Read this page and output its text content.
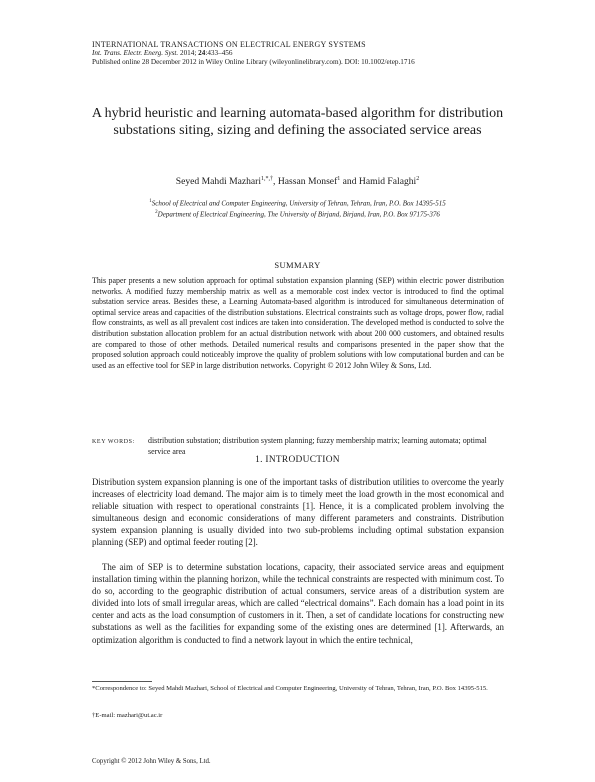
INTERNATIONAL TRANSACTIONS ON ELECTRICAL ENERGY SYSTEMS
Int. Trans. Electr. Energ. Syst. 2014; 24:433–456
Published online 28 December 2012 in Wiley Online Library (wileyonlinelibrary.com). DOI: 10.1002/etep.1716
A hybrid heuristic and learning automata-based algorithm for distribution substations siting, sizing and defining the associated service areas
Seyed Mahdi Mazhari$^{1,*,\dagger}$, Hassan Monsef$^1$ and Hamid Falaghi$^2$
$^1$School of Electrical and Computer Engineering, University of Tehran, Tehran, Iran, P.O. Box 14395-515
$^2$Department of Electrical Engineering, The University of Birjand, Birjand, Iran, P.O. Box 97175-376
SUMMARY
This paper presents a new solution approach for optimal substation expansion planning (SEP) within electric power distribution networks. A modified fuzzy membership matrix as well as a memorable cost index vector is introduced to find the optimal substation service areas. Besides these, a Learning Automata-based algorithm is introduced for simultaneous determination of optimal service areas and capacities of the distribution substations. Electrical constraints such as voltage drops, power flow, radial flow constraints, as well as all prevalent cost indices are taken into consideration. The developed method is conducted to solve the distribution substation allocation problem for an actual distribution network with about 200 000 customers, and obtained results are compared to those of other methods. Detailed numerical results and comparisons presented in the paper show that the proposed solution approach could noticeably improve the quality of problem solutions with low computational burden and can be used as an effective tool for SEP in large distribution networks. Copyright © 2012 John Wiley & Sons, Ltd.
KEY WORDS:	distribution substation; distribution system planning; fuzzy membership matrix; learning automata; optimal service area
1. INTRODUCTION
Distribution system expansion planning is one of the important tasks of distribution utilities to overcome the yearly increases of electricity load demand. The major aim is to timely meet the load growth in the most economical and reliable situation with respect to operational constraints [1]. Hence, it is a complicated problem involving the simultaneous design and economic considerations of many different parameters and constraints. Distribution system expansion planning is usually divided into two sub-problems including optimal substation expansion planning (SEP) and optimal feeder routing [2].
The aim of SEP is to determine substation locations, capacity, their associated service areas and equipment installation timing within the planning horizon, while the technical constraints are respected with minimum cost. To do so, according to the geographic distribution of actual consumers, service areas of a distribution system are divided into lots of small irregular areas, which are called “electrical domains”. Each domain has a load point in its center and acts as the load consumption of customers in it. Then, a set of candidate locations for constructing new substations as well as the facilities for expanding some of the existing ones are determined [1]. Afterwards, an optimization algorithm is conducted to find a network layout in which the entire technical,
*Correspondence to: Seyed Mahdi Mazhari, School of Electrical and Computer Engineering, University of Tehran, Tehran, Iran, P.O. Box 14395-515.
†E-mail: mazhari@ut.ac.ir
Copyright © 2012 John Wiley & Sons, Ltd.
